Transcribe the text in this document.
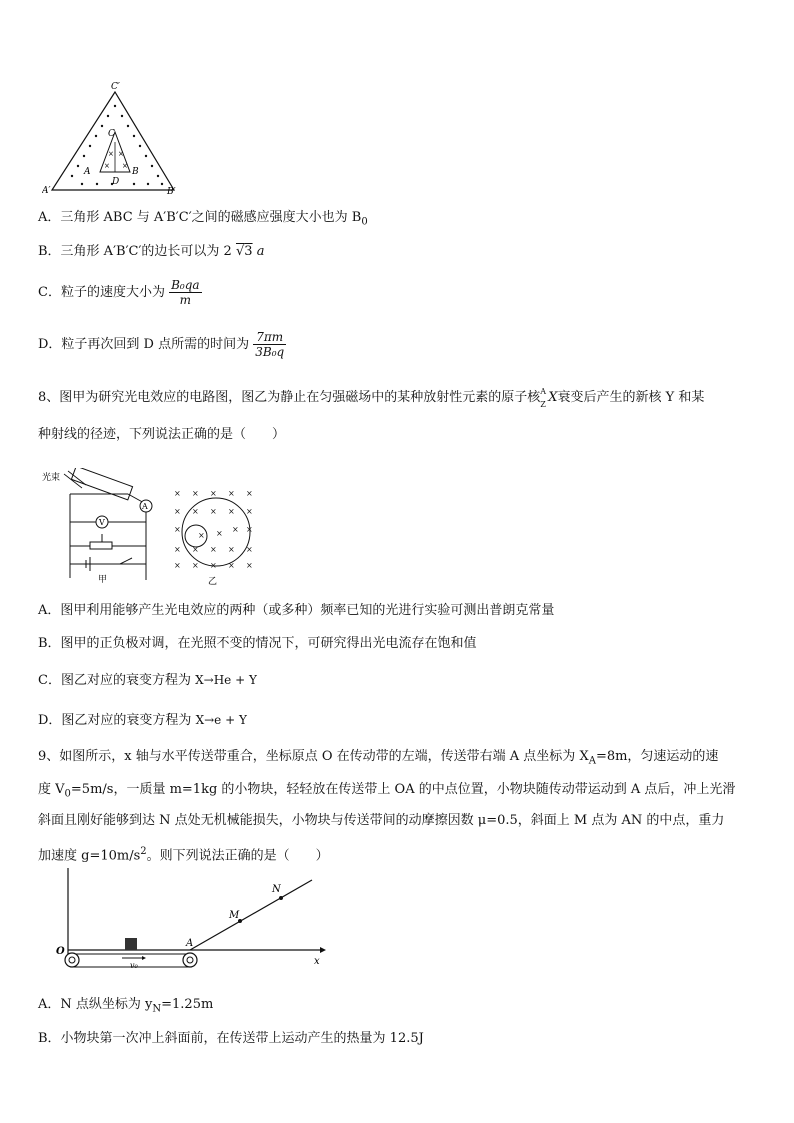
× ×
× ×
C′
C
A	B
D
A′	B′
A．三角形 ABC 与 A′B′C′之间的磁感应强度大小也为 $B_0$
B．三角形 A′B′C′的边长可以为 2 √3 a
C．粒子的速度大小为 $\frac{\text{B₀qa}}{m}$
D．粒子再次回到 D 点所需的时间为 $\frac{7\pi m}{\text{3B₀q}}$
8、图甲为研究光电效应的电路图，图乙为静止在匀强磁场中的某种放射性元素的原子核 A
Z X衰变后产生的新核 Y 和某
种射线的径迹，下列说法正确的是（　　）
光束
A
V
甲
× × × × ×
× × × × ×
×
× × × ×
× × × × ×
× × × × ×
乙
A．图甲利用能够产生光电效应的两种（或多种）频率已知的光进行实验可测出普朗克常量
B．图甲的正负极对调，在光照不变的情况下，可研究得出光电流存在饱和值
C．图乙对应的衰变方程为 X→He + Y
D．图乙对应的衰变方程为 X→e + Y
9、如图所示，x 轴与水平传送带重合，坐标原点 O 在传动带的左端，传送带右端 A 点坐标为 $X_A=8m$，匀速运动的速
度 $V_0=5m/s$，一质量 m=1kg 的小物块，轻轻放在传送带上 OA 的中点位置，小物块随传动带运动到 A 点后，冲上光滑
斜面且刚好能够到达 N 点处无机械能损失，小物块与传送带间的动摩擦因数 μ=0.5，斜面上 M 点为 AN 的中点，重力
加速度 $g=10m/s^2$。则下列说法正确的是（　　）
x
v₀
O
A
M
N
A．N 点纵坐标为 $y_N=1.25m$
B．小物块第一次冲上斜面前，在传送带上运动产生的热量为 12.5J
